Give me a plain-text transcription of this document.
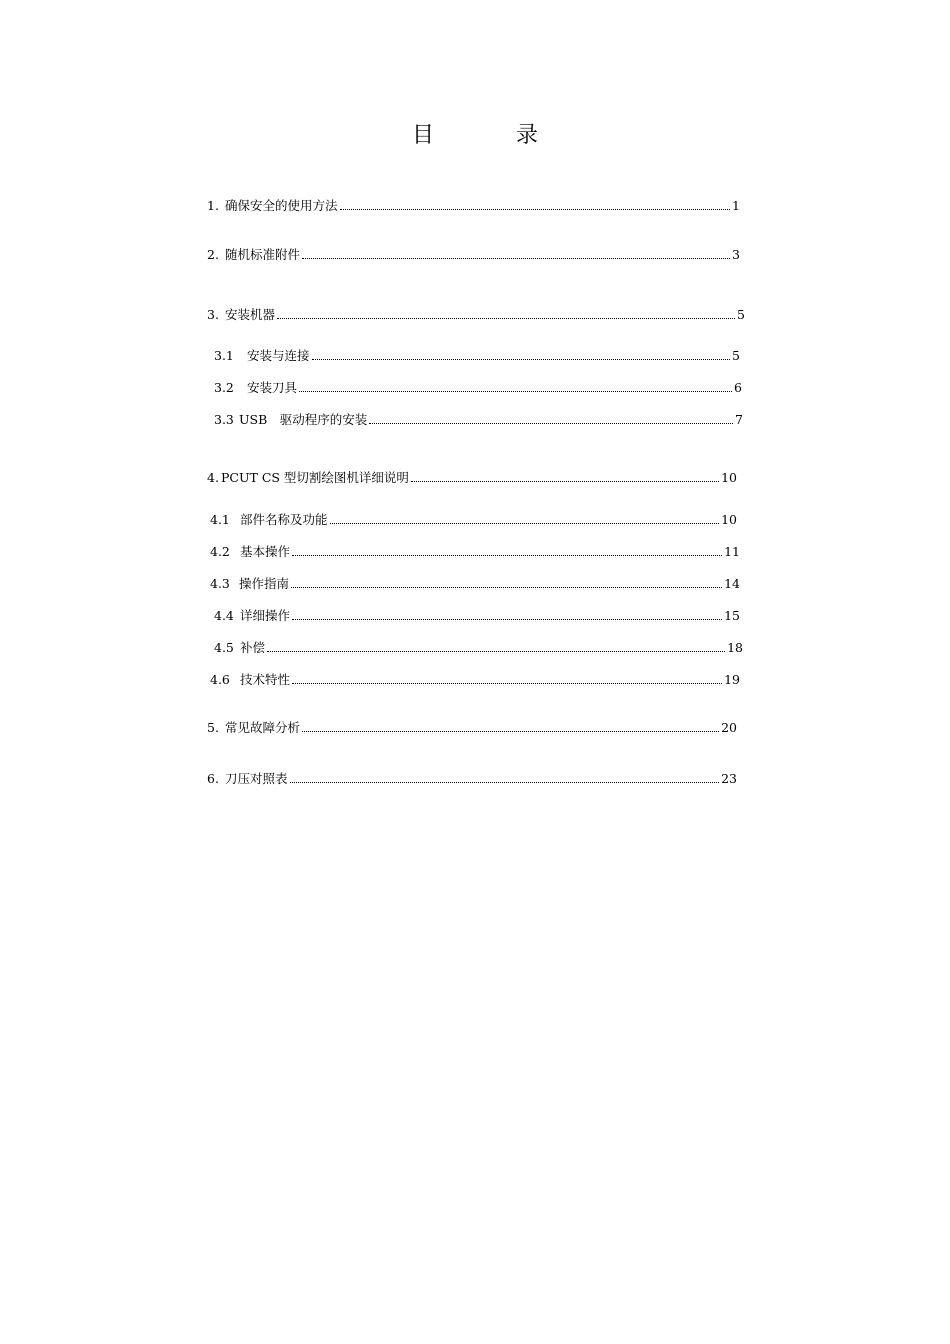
目　录
1. 确保安全的使用方法	1
2. 随机标准附件	3
3. 安装机器	5
3.1	安装与连接	5
3.2	安装刀具	6
3.3 USB　驱动程序的安装	7
4. PCUT CS 型切割绘图机详细说明	10
4.1 部件名称及功能	10
4.2 基本操作	11
4.3 操作指南	14
4.4 详细操作	15
4.5 补偿	18
4.6 技术特性	19
5. 常见故障分析	20
6. 刀压对照表	23
